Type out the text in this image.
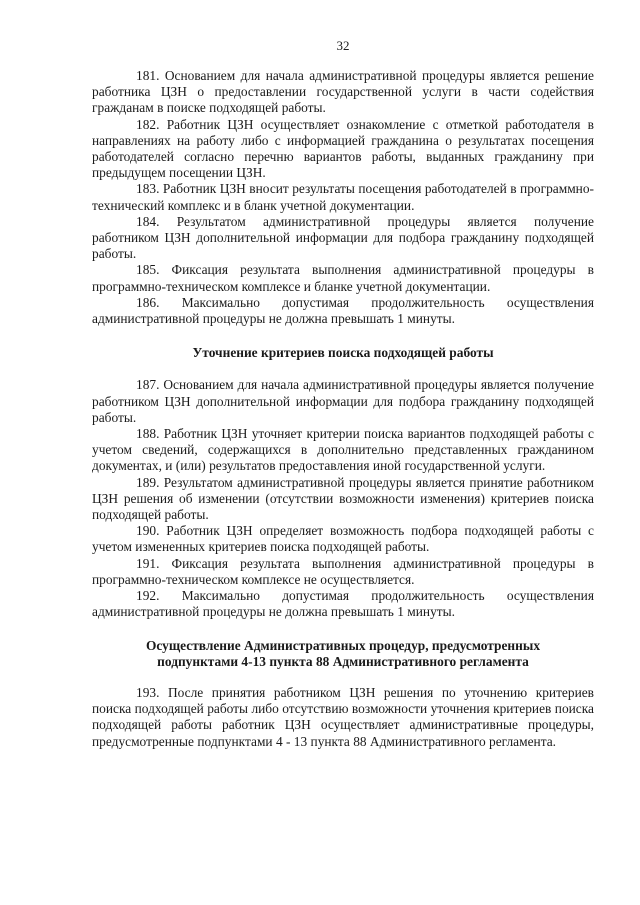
32

181. Основанием для начала административной процедуры является решение работника ЦЗН о предоставлении государственной услуги в части содействия гражданам в поиске подходящей работы.

182. Работник ЦЗН осуществляет ознакомление с отметкой работодателя в направлениях на работу либо с информацией гражданина о результатах посещения работодателей согласно перечню вариантов работы, выданных гражданину при предыдущем посещении ЦЗН.

183. Работник ЦЗН вносит результаты посещения работодателей в программно-технический комплекс и в бланк учетной документации.

184. Результатом административной процедуры является получение работником ЦЗН дополнительной информации для подбора гражданину подходящей работы.

185. Фиксация результата выполнения административной процедуры в программно-техническом комплексе и бланке учетной документации.

186. Максимально допустимая продолжительность осуществления административной процедуры не должна превышать 1 минуты.

Уточнение критериев поиска подходящей работы

187. Основанием для начала административной процедуры является получение работником ЦЗН дополнительной информации для подбора гражданину подходящей работы.

188. Работник ЦЗН уточняет критерии поиска вариантов подходящей работы с учетом сведений, содержащихся в дополнительно представленных гражданином документах, и (или) результатов предоставления иной государственной услуги.

189. Результатом административной процедуры является принятие работником ЦЗН решения об изменении (отсутствии возможности изменения) критериев поиска подходящей работы.

190. Работник ЦЗН определяет возможность подбора подходящей работы с учетом измененных критериев поиска подходящей работы.

191. Фиксация результата выполнения административной процедуры в программно-техническом комплексе не осуществляется.

192. Максимально допустимая продолжительность осуществления административной процедуры не должна превышать 1 минуты.

Осуществление Административных процедур, предусмотренных
подпунктами 4-13 пункта 88 Административного регламента

193. После принятия работником ЦЗН решения по уточнению критериев поиска подходящей работы либо отсутствию возможности уточнения критериев поиска подходящей работы работник ЦЗН осуществляет административные процедуры, предусмотренные подпунктами 4 - 13 пункта 88 Административного регламента.
